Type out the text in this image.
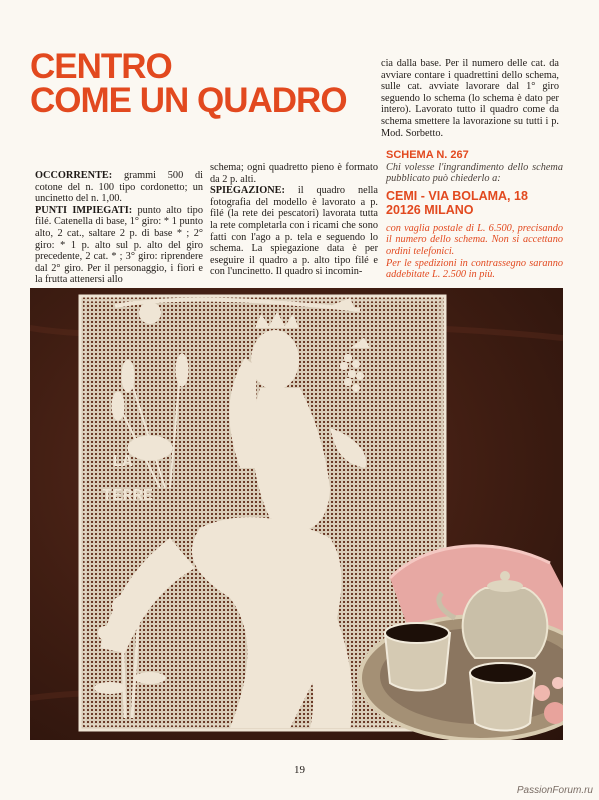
CENTRO
COME UN QUADRO

cia dalla base. Per il numero delle cat. da avviare contare i quadrettini dello schema, sulle cat. avviate lavorare dal 1° giro seguendo lo schema (lo schema è dato per intero). Lavorato tutto il quadro come da schema smettere la lavorazione su tutti i p. Mod. Sorbetto.

OCCORRENTE: grammi 500 di cotone del n. 100 tipo cordonetto; un uncinetto del n. 1,00.

PUNTI IMPIEGATI: punto alto tipo filé. Catenella di base, 1° giro: * 1 punto alto, 2 cat., saltare 2 p. di base * ; 2° giro: * 1 p. alto sul p. alto del giro precedente, 2 cat. * ; 3° giro: riprendere dal 2° giro. Per il personaggio, i fiori e la frutta attenersi allo

schema; ogni quadretto pieno è formato da 2 p. alti.

SPIEGAZIONE: il quadro nella fotografia del modello è lavorato a p. filé (la rete dei pescatori) lavorata tutta la rete completarla con i ricami che sono fatti con l'ago a p. tela e seguendo lo schema. La spiegazione data è per eseguire il quadro a p. alto tipo filé e con l'uncinetto. Il quadro si incomin-

SCHEMA N. 267

Chi volesse l'ingrandimento dello schema pubblicato può chiederlo a:

CEMI - VIA BOLAMA, 18
20126 MILANO

con vaglia postale di L. 6.500, precisando il numero dello schema. Non si accettano ordini telefonici.

Per le spedizioni in contrassegno saranno addebitate L. 2.500 in più.

LA
TERRE
19
PassionForum.ru
